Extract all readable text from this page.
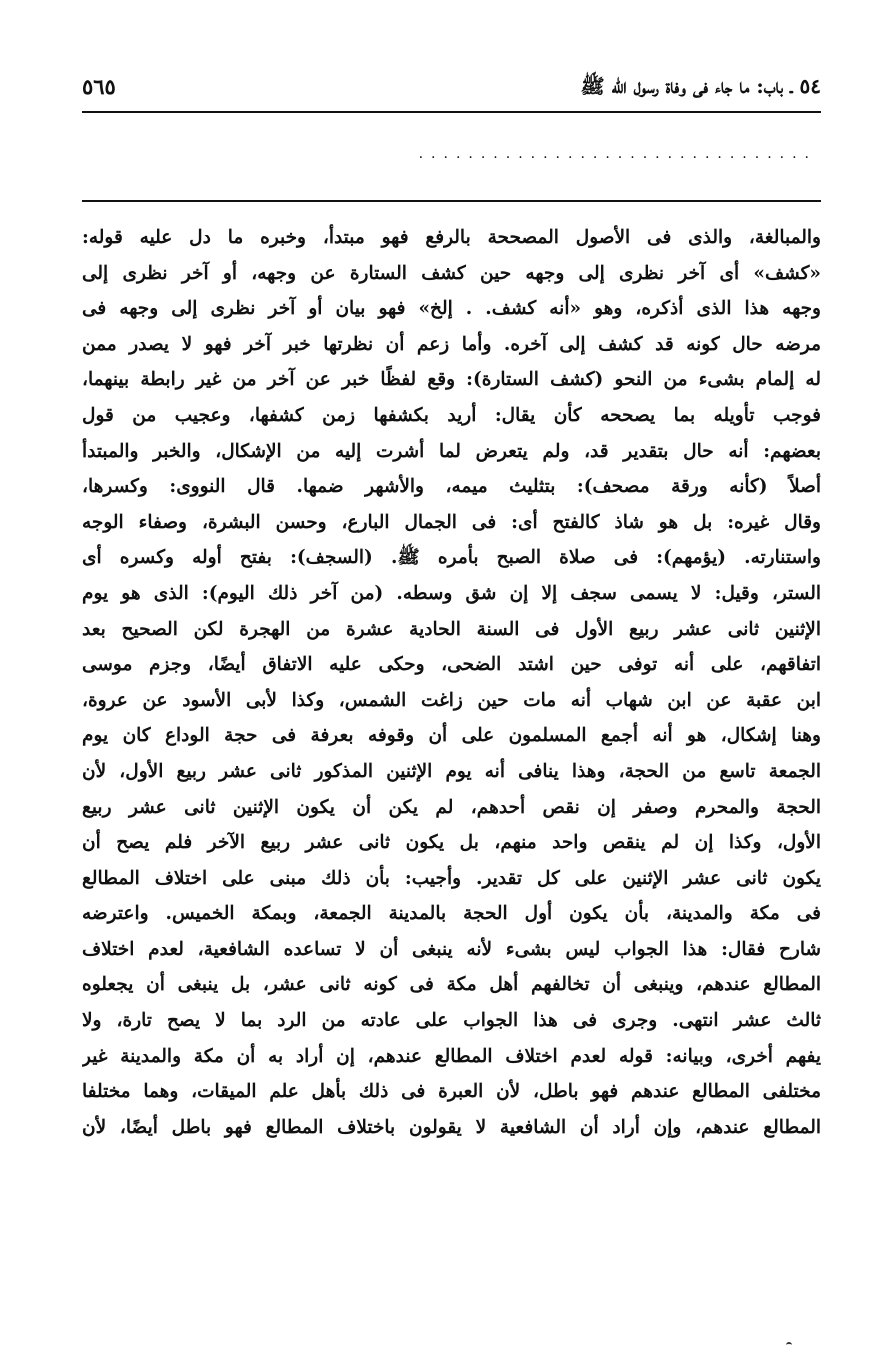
٥٤ ـ باب: ما جاء فى وفاة رسول الله ﷺ
٥٦٥
................................
والمبالغة، والذى فى الأصول المصححة بالرفع فهو مبتدأ، وخبره ما دل عليه قوله:
«كشف» أى آخر نظرى إلى وجهه حين كشف الستارة عن وجهه، أو آخر نظرى إلى
وجهه هذا الذى أذكره، وهو «أنه كشف. . إلخ» فهو بيان أو آخر نظرى إلى وجهه فى
مرضه حال كونه قد كشف إلى آخره. وأما زعم أن نظرتها خبر آخر فهو لا يصدر ممن
له إلمام بشىء من النحو (كشف الستارة): وقع لفظًا خبر عن آخر من غير رابطة بينهما،
فوجب تأويله بما يصححه كأن يقال: أريد بكشفها زمن كشفها، وعجيب من قول
بعضهم: أنه حال بتقدير قد، ولم يتعرض لما أشرت إليه من الإشكال، والخبر والمبتدأ
أصلاً (كأنه ورقة مصحف): بتثليث ميمه، والأشهر ضمها. قال النووى: وكسرها،
وقال غيره: بل هو شاذ كالفتح أى: فى الجمال البارع، وحسن البشرة، وصفاء الوجه
واستنارته. (يؤمهم): فى صلاة الصبح بأمره ﷺ. (السجف): بفتح أوله وكسره أى
الستر، وقيل: لا يسمى سجف إلا إن شق وسطه. (من آخر ذلك اليوم): الذى هو يوم
الإثنين ثانى عشر ربيع الأول فى السنة الحادية عشرة من الهجرة لكن الصحيح بعد
اتفاقهم، على أنه توفى حين اشتد الضحى، وحكى عليه الاتفاق أيضًا، وجزم موسى
ابن عقبة عن ابن شهاب أنه مات حين زاغت الشمس، وكذا لأبى الأسود عن عروة،
وهنا إشكال، هو أنه أجمع المسلمون على أن وقوفه بعرفة فى حجة الوداع كان يوم
الجمعة تاسع من الحجة، وهذا ينافى أنه يوم الإثنين المذكور ثانى عشر ربيع الأول، لأن
الحجة والمحرم وصفر إن نقص أحدهم، لم يكن أن يكون الإثنين ثانى عشر ربيع
الأول، وكذا إن لم ينقص واحد منهم، بل يكون ثانى عشر ربيع الآخر فلم يصح أن
يكون ثانى عشر الإثنين على كل تقدير. وأجيب: بأن ذلك مبنى على اختلاف المطالع
فى مكة والمدينة، بأن يكون أول الحجة بالمدينة الجمعة، وبمكة الخميس. واعترضه
شارح فقال: هذا الجواب ليس بشىء لأنه ينبغى أن لا تساعده الشافعية، لعدم اختلاف
المطالع عندهم، وينبغى أن تخالفهم أهل مكة فى كونه ثانى عشر، بل ينبغى أن يجعلوه
ثالث عشر انتهى. وجرى فى هذا الجواب على عادته من الرد بما لا يصح تارة، ولا
يفهم أخرى، وبيانه: قوله لعدم اختلاف المطالع عندهم، إن أراد به أن مكة والمدينة غير
مختلفى المطالع عندهم فهو باطل، لأن العبرة فى ذلك بأهل علم الميقات، وهما مختلفا
المطالع عندهم، وإن أراد أن الشافعية لا يقولون باختلاف المطالع فهو باطل أيضًا، لأن
